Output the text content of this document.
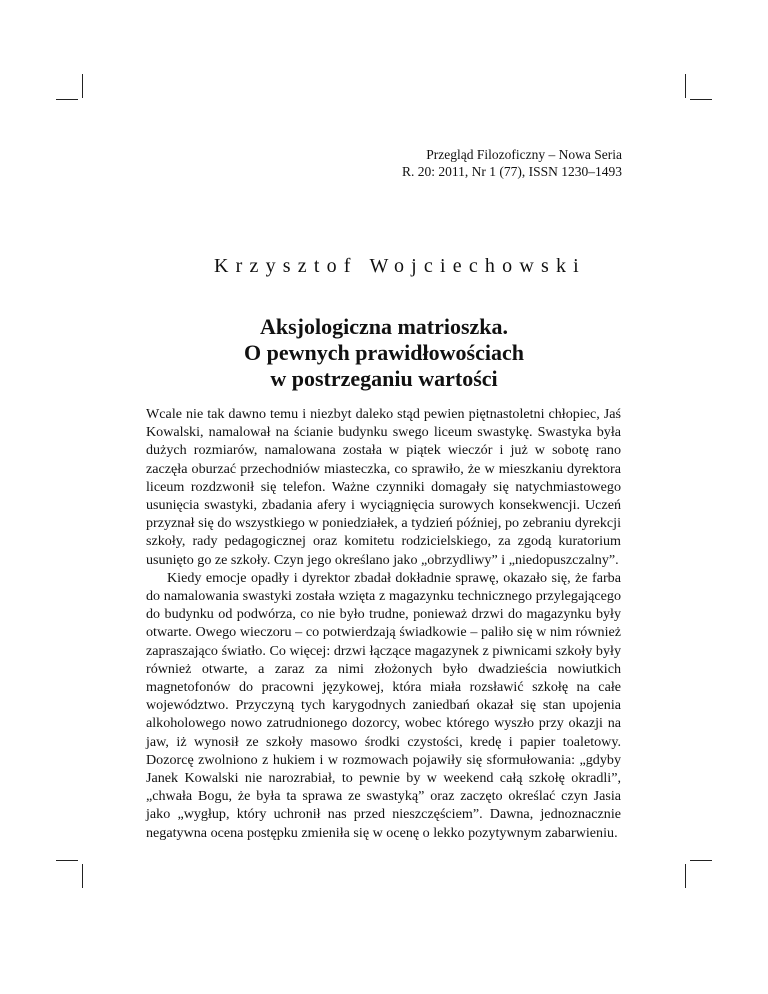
Przegląd Filozoficzny – Nowa Seria
R. 20: 2011, Nr 1 (77), ISSN 1230–1493
Krzysztof Wojciechowski
Aksjologiczna matrioszka.
O pewnych prawidłowościach
w postrzeganiu wartości

Wcale nie tak dawno temu i niezbyt daleko stąd pewien piętnastoletni chłopiec, Jaś Kowalski, namalował na ścianie budynku swego liceum swastykę. Swastyka była dużych rozmiarów, namalowana została w piątek wieczór i już w sobotę rano zaczęła oburzać przechodniów miasteczka, co sprawiło, że w mieszkaniu dyrektora liceum rozdzwonił się telefon. Ważne czynniki domagały się natychmiastowego usunięcia swastyki, zbadania afery i wyciągnięcia surowych konsekwencji. Uczeń przyznał się do wszystkiego w poniedziałek, a tydzień później, po zebraniu dyrekcji szkoły, rady pedagogicznej oraz komitetu rodzicielskiego, za zgodą kuratorium usunięto go ze szkoły. Czyn jego określano jako „obrzydliwy” i „niedopuszczalny”.

Kiedy emocje opadły i dyrektor zbadał dokładnie sprawę, okazało się, że farba do namalowania swastyki została wzięta z magazynku technicznego przylegającego do budynku od podwórza, co nie było trudne, ponieważ drzwi do magazynku były otwarte. Owego wieczoru – co potwierdzają świadkowie – paliło się w nim również zapraszająco światło. Co więcej: drzwi łączące magazynek z piwnicami szkoły były również otwarte, a zaraz za nimi złożonych było dwadzieścia nowiutkich magnetofonów do pracowni językowej, która miała rozsławić szkołę na całe województwo. Przyczyną tych karygodnych zaniedbań okazał się stan upojenia alkoholowego nowo zatrudnionego dozorcy, wobec którego wyszło przy okazji na jaw, iż wynosił ze szkoły masowo środki czystości, kredę i papier toaletowy. Dozorcę zwolniono z hukiem i w rozmowach pojawiły się sformułowania: „gdyby Janek Kowalski nie narozrabiał, to pewnie by w weekend całą szkołę okradli”, „chwała Bogu, że była ta sprawa ze swastyką” oraz zaczęto określać czyn Jasia jako „wygłup, który uchronił nas przed nieszczęściem”. Dawna, jednoznacznie negatywna ocena postępku zmieniła się w ocenę o lekko pozytywnym zabarwieniu.
